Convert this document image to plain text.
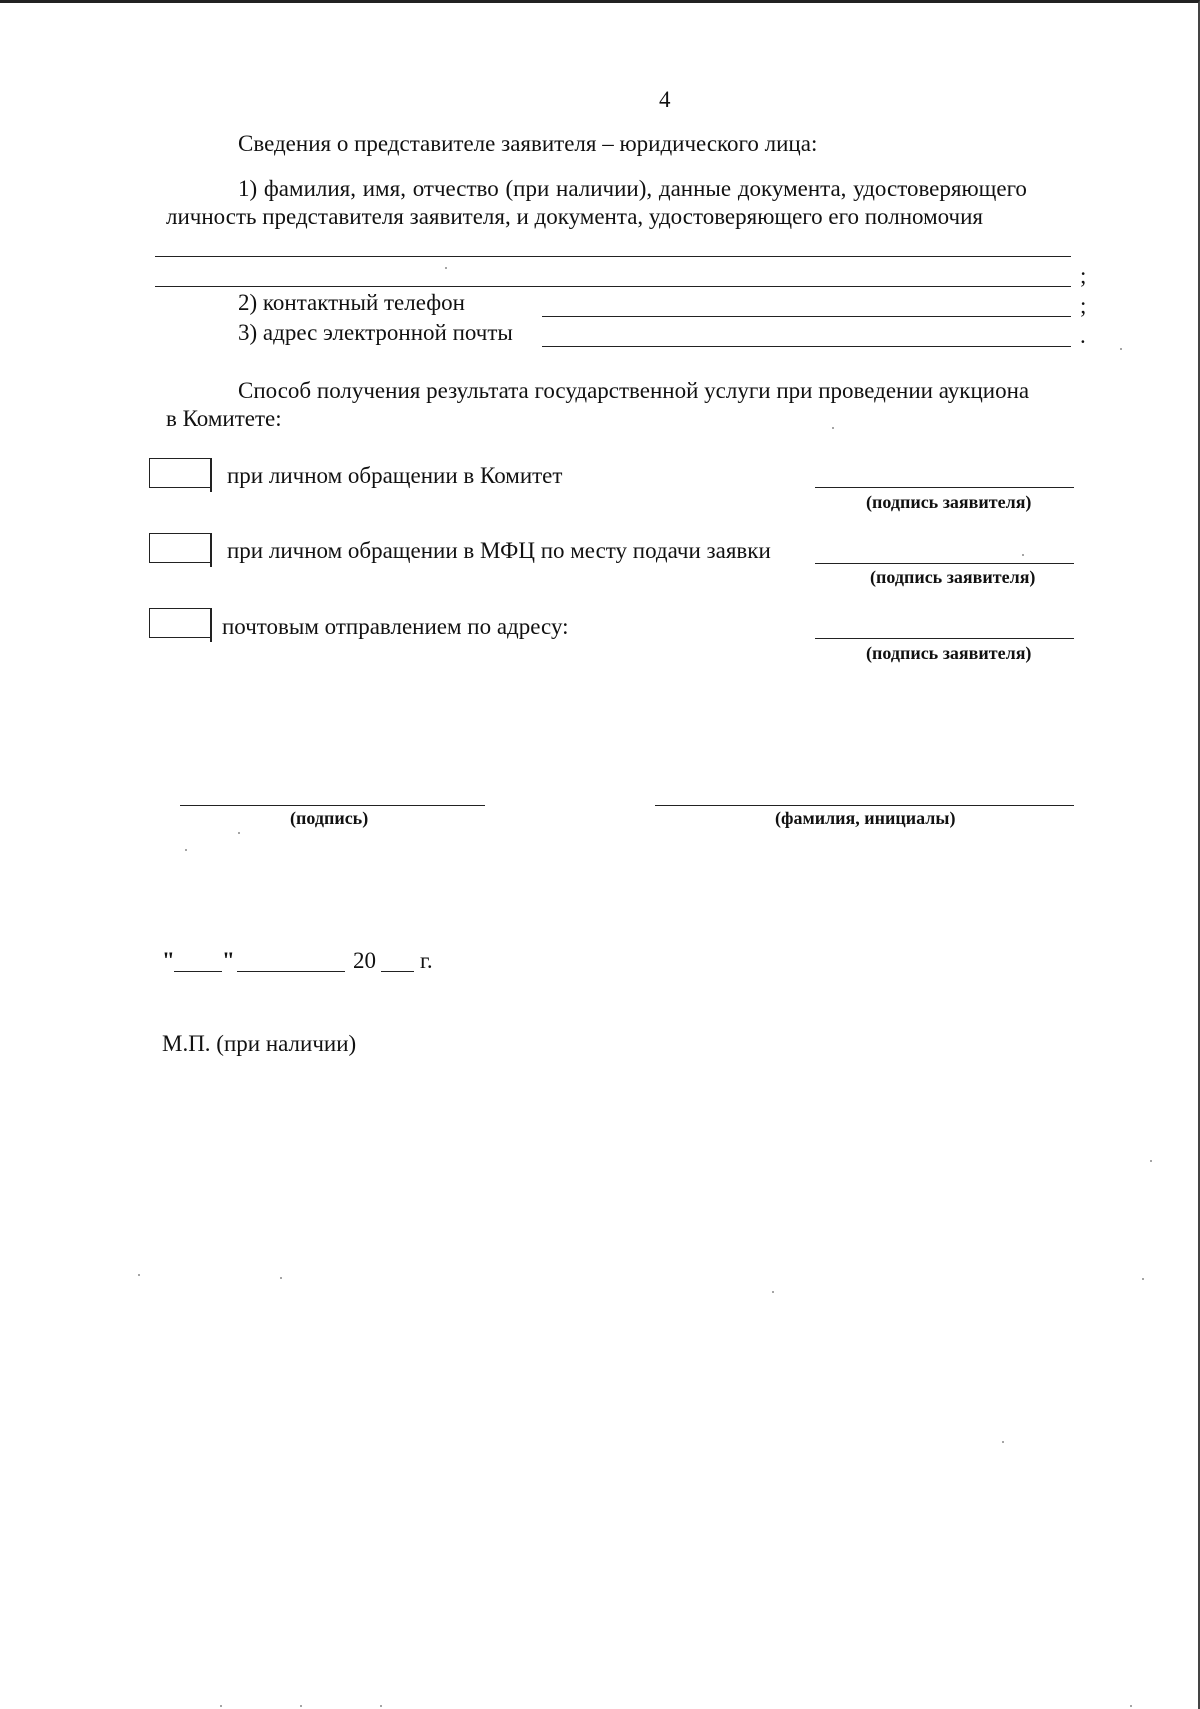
4
Сведения о представителе заявителя – юридического лица:
1) фамилия, имя, отчество (при наличии), данные документа, удостоверяющего
личность представителя заявителя, и документа, удостоверяющего его полномочия
;
2) контактный телефон	;
3) адрес электронной почты	.
Способ получения результата государственной услуги при проведении аукциона
в Комитете:
при личном обращении в Комитет
(подпись заявителя)
при личном обращении в МФЦ по месту подачи заявки
(подпись заявителя)
почтовым отправлением по адресу:
(подпись заявителя)
(подпись)	(фамилия, инициалы)
" "	20 г.
М.П. (при наличии)
